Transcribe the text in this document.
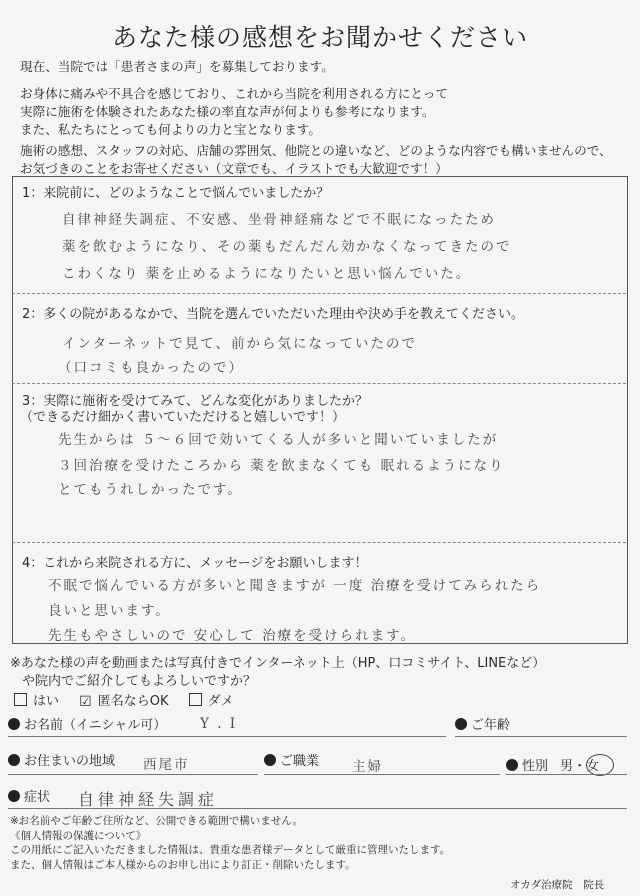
あなた様の感想をお聞かせください
現在、当院では「患者さまの声」を募集しております。
お身体に痛みや不具合を感じており、これから当院を利用される方にとって
実際に施術を体験されたあなた様の率直な声が何よりも参考になります。
また、私たちにとっても何よりの力と宝となります。
施術の感想、スタッフの対応、店舗の雰囲気、他院との違いなど、どのような内容でも構いませんので、
お気づきのことをお寄せください（文章でも、イラストでも大歓迎です！）
1：来院前に、どのようなことで悩んでいましたか？
自律神経失調症、不安感、坐骨神経痛などで不眠になったため
薬を飲むようになり、その薬もだんだん効かなくなってきたので
こわくなり 薬を止めるようになりたいと思い悩んでいた。
2：多くの院があるなかで、当院を選んでいただいた理由や決め手を教えてください。
インターネットで見て、前から気になっていたので
（口コミも良かったので）
3：実際に施術を受けてみて、どんな変化がありましたか？
（できるだけ細かく書いていただけると嬉しいです！）
先生からは ５～６回で効いてくる人が多いと聞いていましたが
３回治療を受けたころから 薬を飲まなくても 眠れるようになり
とてもうれしかったです。
4：これから来院される方に、メッセージをお願いします！
不眠で悩んでいる方が多いと聞きますが 一度 治療を受けてみられたら
良いと思います。
先生もやさしいので 安心して 治療を受けられます。
※あなた様の声を動画または写真付きでインターネット上（HP、口コミサイト、LINEなど）
や院内でご紹介してもよろしいですか？
はい ☑ 匿名ならOK	ダメ
お名前（イニシャル可）	Y . I	ご年齢
お住まいの地域 西尾市	ご職業 主婦	性別 男・女
症状 自律神経失調症
※お名前やご年齢ご住所など、公開できる範囲で構いません。
《個人情報の保護について》
この用紙にご記入いただきました情報は、貴重な患者様データとして厳重に管理いたします。
また、個人情報はご本人様からのお申し出により訂正・削除いたします。
オカダ治療院　院長
